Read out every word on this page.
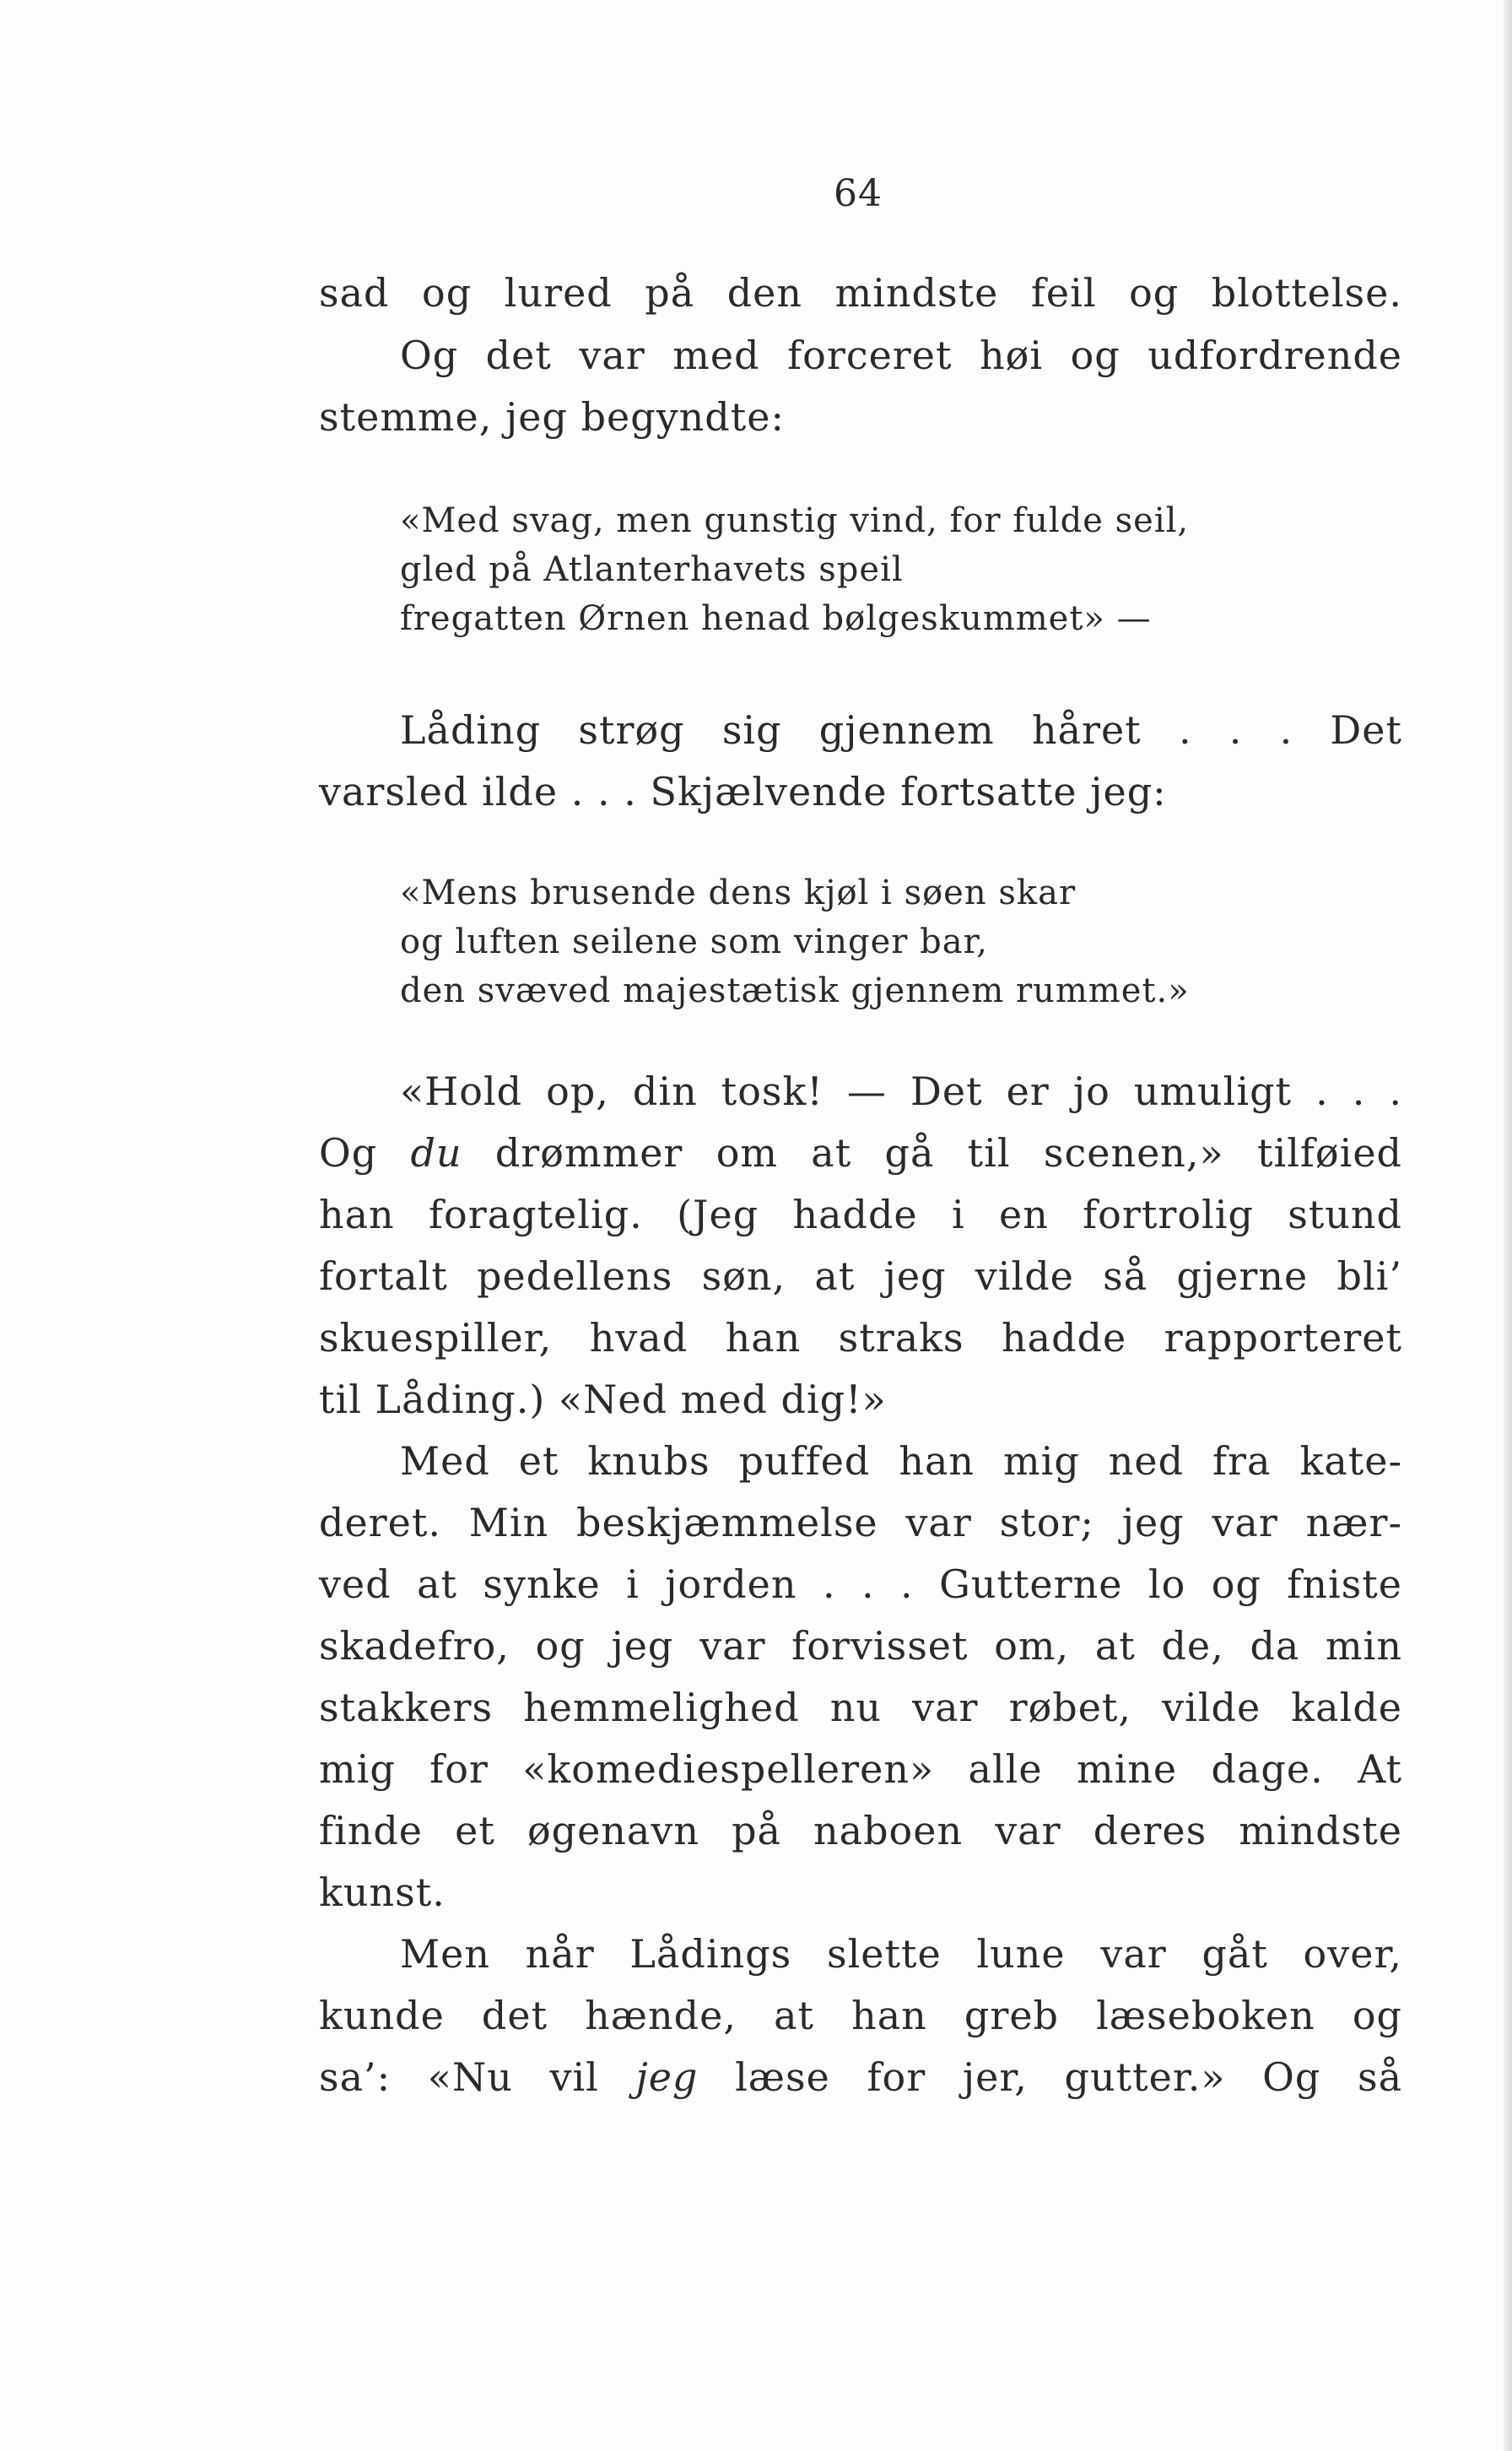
64
sad og lured på den mindste feil og blottelse.
Og det var med forceret høi og udfordrende
stemme, jeg begyndte:
«Med svag, men gunstig vind, for fulde seil,
gled på Atlanterhavets speil
fregatten Ørnen henad bølgeskummet» —
Låding strøg sig gjennem håret . . . Det
varsled ilde . . . Skjælvende fortsatte jeg:
«Mens brusende dens kjøl i søen skar
og luften seilene som vinger bar,
den svæved majestætisk gjennem rummet.»
«Hold op, din tosk! — Det er jo umuligt . . .
Og du drømmer om at gå til scenen,» tilføied
han foragtelig. (Jeg hadde i en fortrolig stund
fortalt pedellens søn, at jeg vilde så gjerne bli’
skuespiller, hvad han straks hadde rapporteret
til Låding.) «Ned med dig!»
Med et knubs puffed han mig ned fra kate-
deret. Min beskjæmmelse var stor; jeg var nær-
ved at synke i jorden . . . Gutterne lo og fniste
skadefro, og jeg var forvisset om, at de, da min
stakkers hemmelighed nu var røbet, vilde kalde
mig for «komediespelleren» alle mine dage. At
finde et øgenavn på naboen var deres mindste
kunst.
Men når Lådings slette lune var gåt over,
kunde det hænde, at han greb læseboken og
sa’: «Nu vil jeg læse for jer, gutter.» Og så
